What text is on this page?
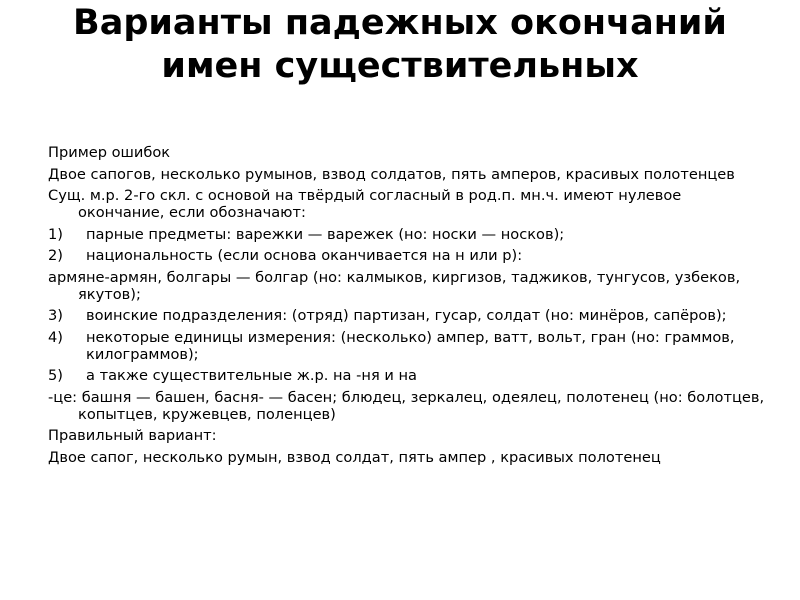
Варианты падежных окончаний
имен существительных

Пример ошибок

Двое сапогов, несколько румынов, взвод солдатов, пять амперов, красивых полотенцев

Сущ. м.р. 2-го скл. с основой на твёрдый согласный в род.п. мн.ч. имеют нулевое окончание, если обозначают:

1) парные предметы: варежки — варежек (но: носки — носков);

2) национальность (если основа оканчивается на н или р):

армяне-армян, болгары — болгар (но: калмыков, киргизов, таджиков, тунгусов, узбеков, якутов);

3) воинские подразделения: (отряд) партизан, гусар, солдат (но: минёров, сапёров);

4) некоторые единицы измерения: (несколько) ампер, ватт, вольт, гран (но: граммов, килограммов);

5) а также существительные ж.р. на -ня и на

-це: башня — башен, басня- — басен; блюдец, зеркалец, одеялец, полотенец (но: болотцев, копытцев, кружевцев, поленцев)

Правильный вариант:

Двое сапог, несколько румын, взвод солдат, пять ампер , красивых полотенец
